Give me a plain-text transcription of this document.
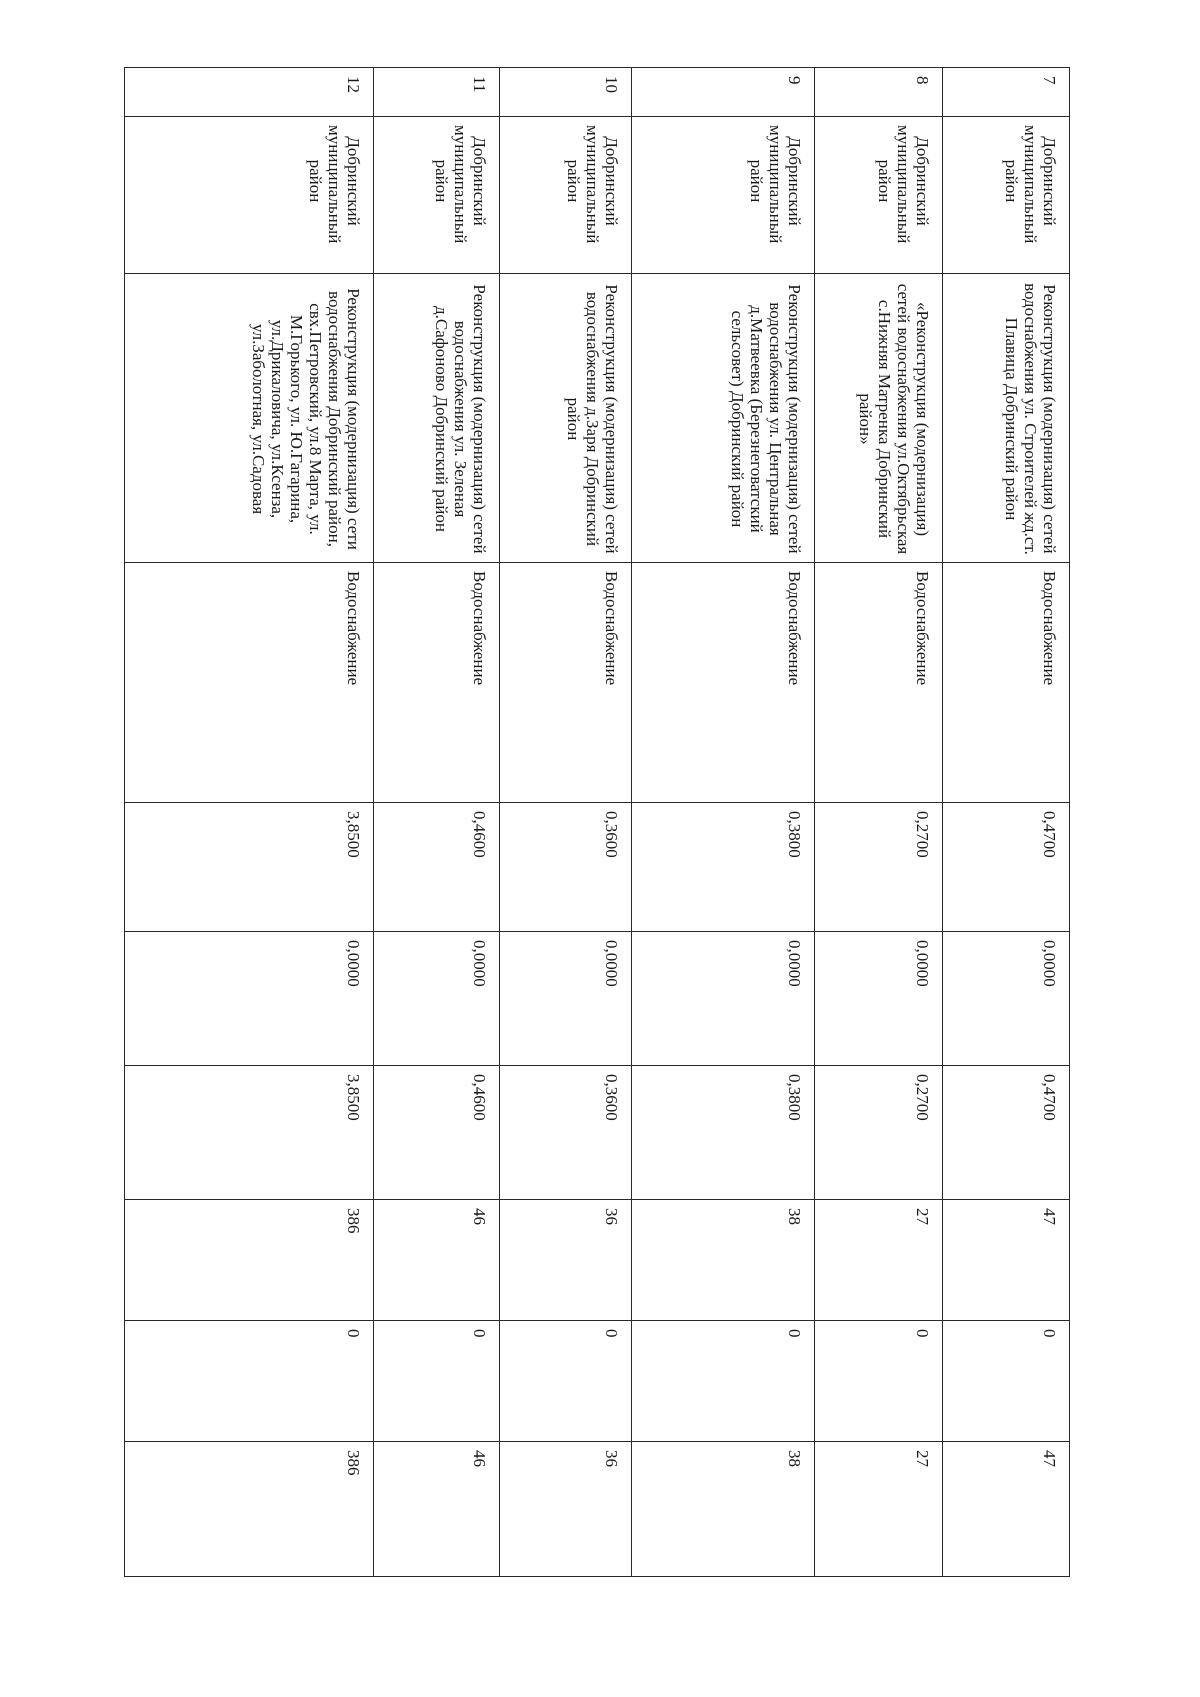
7	Добринский муниципальный район	Реконструкция (модернизация) сетей водоснабжения ул. Строителей жд.ст. Плавица Добринский район	Водоснабжение	0,4700	0,0000	0,4700	47	0	47
8	Добринский муниципальный район	«Реконструкция (модернизация) сетей водоснабжения ул.Октябрьская с.Нижняя Матренка Добринский район»	Водоснабжение	0,2700	0,0000	0,2700	27	0	27
9	Добринский муниципальный район	Реконструкция (модернизация) сетей водоснабжения ул. Центральная д.Матвеевка (Березнеговатский сельсовет) Добринский район	Водоснабжение	0,3800	0,0000	0,3800	38	0	38
10	Добринский муниципальный район	Реконструкция (модернизация) сетей водоснабжения д.Заря Добринский район	Водоснабжение	0,3600	0,0000	0,3600	36	0	36
11	Добринский муниципальный район	Реконструкция (модернизация) сетей водоснабжения ул. Зеленая д.Сафоново Добринский район	Водоснабжение	0,4600	0,0000	0,4600	46	0	46
12	Добринский муниципальный район	Реконструкция (модернизация) сети водоснабжения Добринский район, свх.Петровский, ул.8 Марта, ул. М.Горького, ул. Ю.Гагарина, ул.Дрикаловича, ул.Ксенза, ул.Заболотная, ул.Садовая	Водоснабжение	3,8500	0,0000	3,8500	386	0	386
